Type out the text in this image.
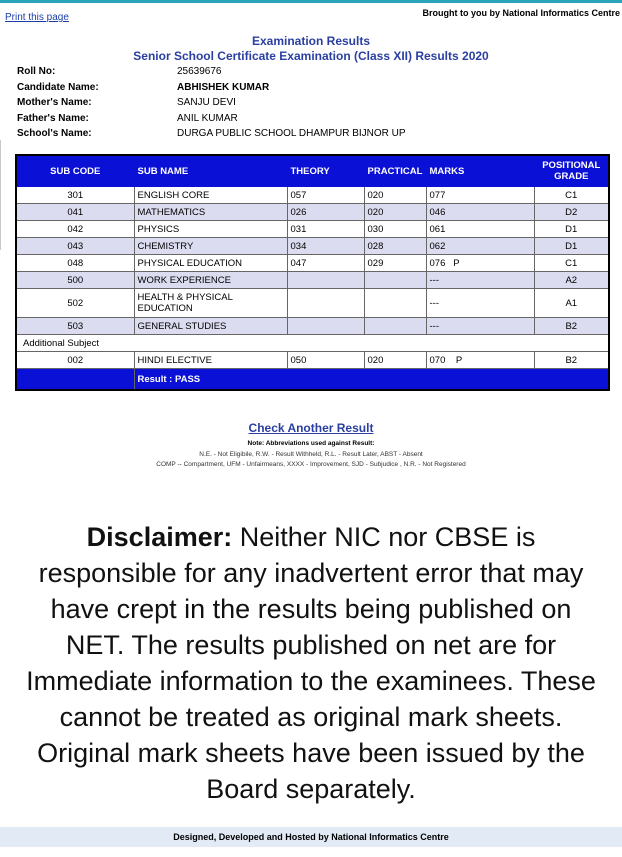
Print this page	Brought to you by National Informatics Centre
Examination Results
Senior School Certificate Examination (Class XII) Results 2020
Roll No:	25639676
Candidate Name:	ABHISHEK KUMAR
Mother's Name:	SANJU DEVI
Father's Name:	ANIL KUMAR
School's Name:	DURGA PUBLIC SCHOOL DHAMPUR BIJNOR UP
SUB CODE	SUB NAME	THEORY	PRACTICAL	MARKS	POSITIONAL
GRADE
301	ENGLISH CORE	057	020	077	C1
041	MATHEMATICS	026	020	046	D2
042	PHYSICS	031	030	061	D1
043	CHEMISTRY	034	028	062	D1
048	PHYSICAL EDUCATION	047	029	076   P	C1
500	WORK EXPERIENCE			---	A2
502	HEALTH & PHYSICAL EDUCATION			---	A1
503	GENERAL STUDIES			---	B2
Additional Subject					
002	HINDI ELECTIVE	050	020	070    P	B2
	Result : PASS				
Check Another Result
Note: Abbreviations used against Result:
N.E. - Not Eligibile, R.W. - Result Withheld, R.L. - Result Later, ABST - Absent
COMP -- Compartment, UFM - Unfairmeans, XXXX - Improvement, SJD - Subjudice , N.R. - Not Registered
Disclaimer: Neither NIC nor CBSE is responsible for any inadvertent error that may have crept in the results being published on NET. The results published on net are for Immediate information to the examinees. These cannot be treated as original mark sheets. Original mark sheets have been issued by the Board separately.
Designed, Developed and Hosted by National Informatics Centre
